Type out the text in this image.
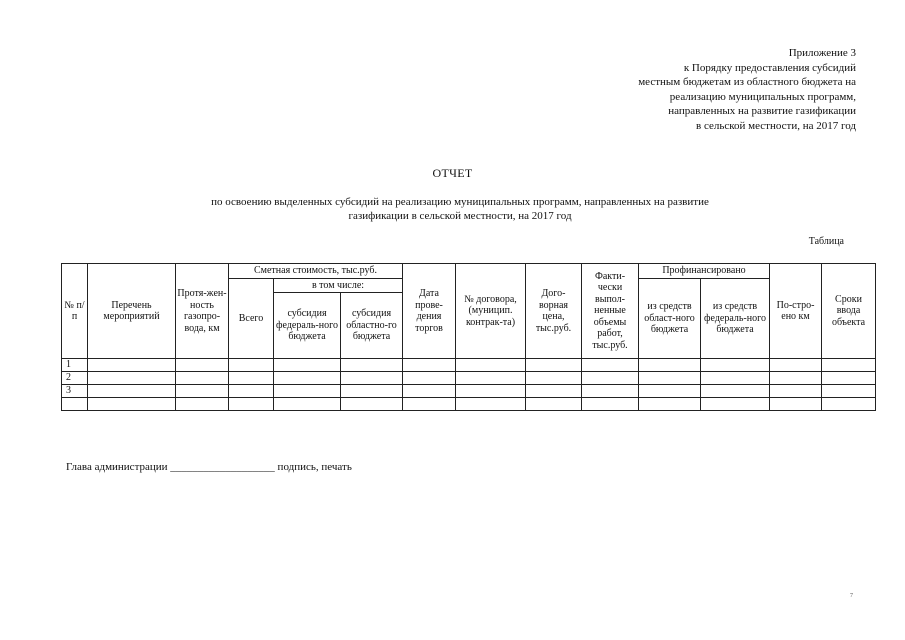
Приложение 3
к Порядку предоставления субсидий
местным бюджетам из областного бюджета на
реализацию муниципальных программ,
направленных на развитие газификации
в сельской местности, на 2017 год
ОТЧЕТ
по освоению выделенных субсидий на реализацию муниципальных программ, направленных на развитие
газификации в сельской местности, на 2017 год
Таблица
№ п/п	Перечень мероприятий	Протя-жен-ность газопро-вода, км	Сметная стоимость, тыс.руб.			Дата прове-дения торгов	№ договора, (муницип. контрак-та)	Дого-ворная цена, тыс.руб.	Факти-чески выпол-ненные объемы работ, тыс.руб.	Профинансировано		По-стро-ено км	Сроки ввода объекта
			Всего	в том числе:						из средств област-ного бюджета	из средств федераль-ного бюджета		
				субсидия федераль-ного бюджета	субсидия областно-го бюджета								
1													
2													
3													

Глава администрации ___________________ подпись, печать
7
